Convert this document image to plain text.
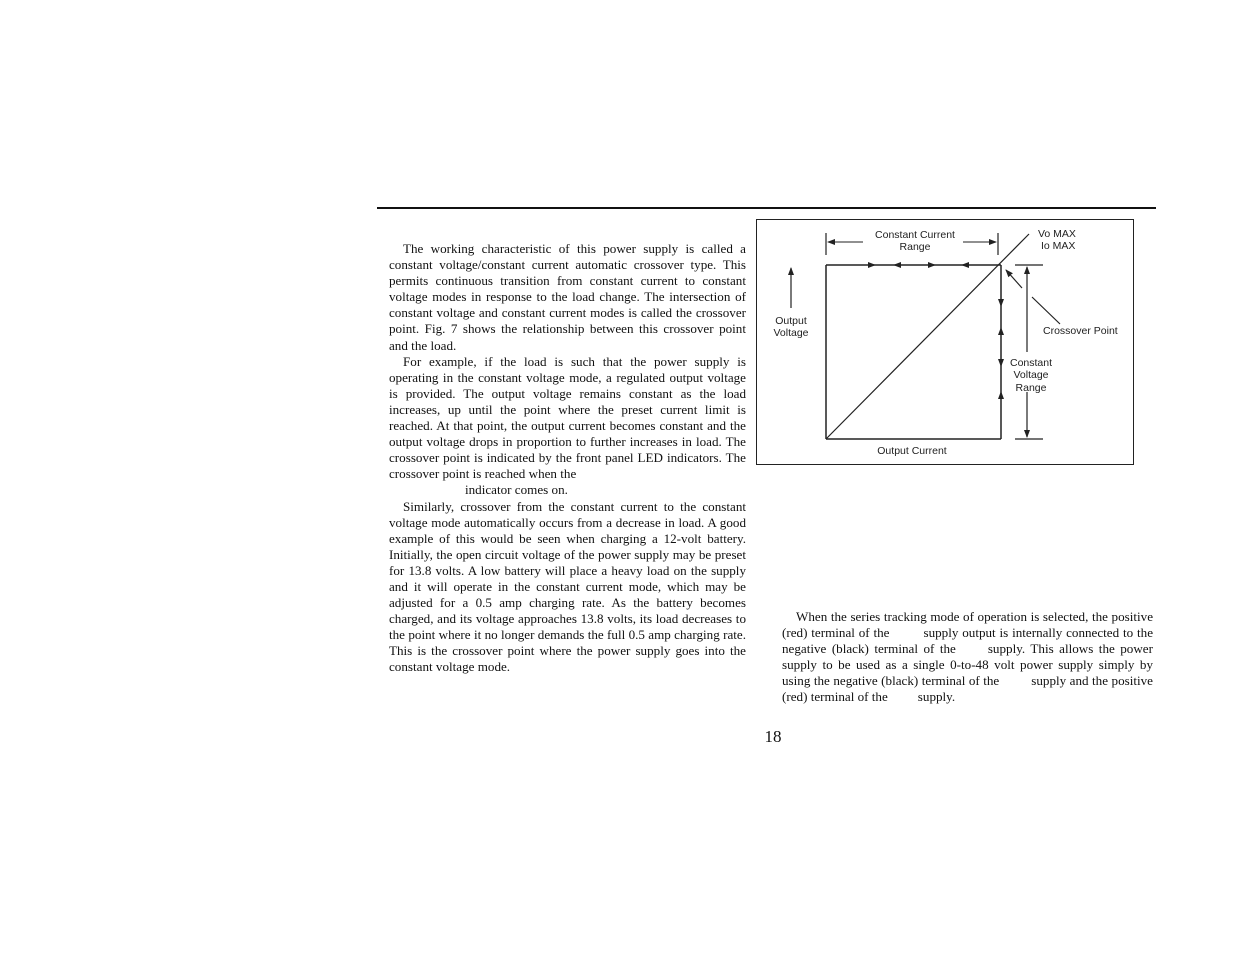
The working characteristic of this power supply is called a constant voltage/constant current automatic crossover type. This permits continuous transition from constant current to constant voltage modes in response to the load change. The intersection of constant voltage and constant current modes is called the crossover point. Fig. 7 shows the relationship between this crossover point and the load.

For example, if the load is such that the power supply is operating in the constant voltage mode, a regulated output voltage is provided. The output voltage remains constant as the load increases, up until the point where the preset current limit is reached. At that point, the output current becomes constant and the output voltage drops in proportion to further increases in load. The crossover point is indicated by the front panel LED indicators. The crossover point is reached when the
indicator comes on.

Similarly, crossover from the constant current to the constant voltage mode automatically occurs from a decrease in load. A good example of this would be seen when charging a 12-volt battery. Initially, the open circuit voltage of the power supply may be preset for 13.8 volts. A low battery will place a heavy load on the supply and it will operate in the constant current mode, which may be adjusted for a 0.5 amp charging rate. As the battery becomes charged, and its voltage approaches 13.8 volts, its load decreases to the point where it no longer demands the full 0.5 amp charging rate. This is the crossover point where the power supply goes into the constant voltage mode.

Constant Current
Range
Vo MAX
Io MAX
Output
Voltage	Crossover Point
Constant
Voltage
Range
Output Current

When the series tracking mode of operation is selected, the positive (red) terminal of the	supply output is internally connected to the negative (black) terminal of the supply. This allows the power supply to be used as a single 0-to-48 volt power supply simply by using the negative (black) terminal of the supply and the positive (red) terminal of the supply.

18
